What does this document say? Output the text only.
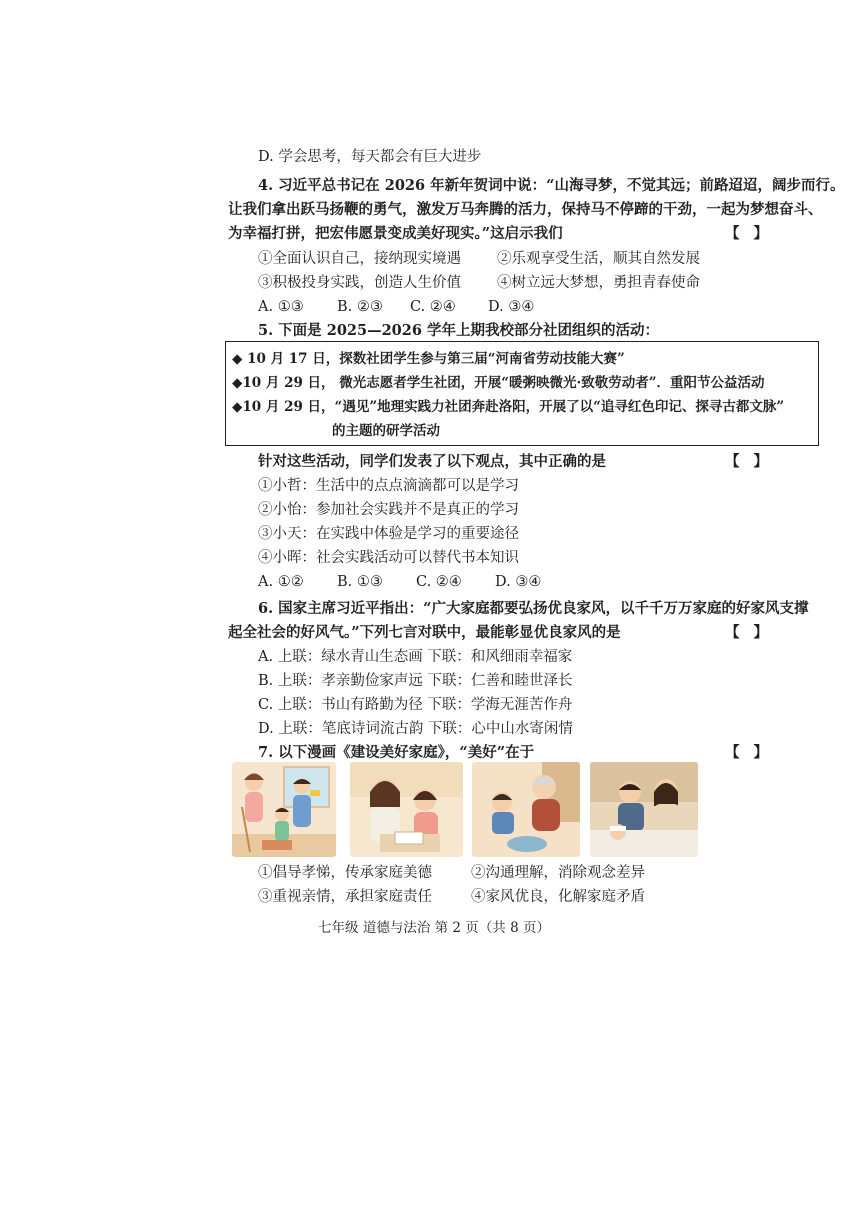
D. 学会思考，每天都会有巨大进步
4. 习近平总书记在 2026 年新年贺词中说：“山海寻梦，不觉其远；前路迢迢，阔步而行。
让我们拿出跃马扬鞭的勇气，激发万马奔腾的活力，保持马不停蹄的干劲，一起为梦想奋斗、
为幸福打拼，把宏伟愿景变成美好现实。”这启示我们	【】
①全面认识自己，接纳现实境遇 ②乐观享受生活，顺其自然发展
③积极投身实践，创造人生价值 ④树立远大梦想，勇担青春使命
A. ①③ B. ②③ C. ②④ D. ③④
5. 下面是 2025—2026 学年上期我校部分社团组织的活动：
◆ 10 月 17 日，探数社团学生参与第三届“河南省劳动技能大赛”
◆10 月 29 日， 微光志愿者学生社团，开展“暖粥映微光·致敬劳动者”．重阳节公益活动
◆10 月 29 日，“遇见”地理实践力社团奔赴洛阳，开展了以“追寻红色印记、探寻古都文脉”
的主题的研学活动
针对这些活动，同学们发表了以下观点，其中正确的是	【】
①小哲：生活中的点点滴滴都可以是学习
②小怡：参加社会实践并不是真正的学习
③小天：在实践中体验是学习的重要途径
④小晖：社会实践活动可以替代书本知识
A. ①② B. ①③ C. ②④ D. ③④
6. 国家主席习近平指出：“广大家庭都要弘扬优良家风，以千千万万家庭的好家风支撑
起全社会的好风气。”下列七言对联中，最能彰显优良家风的是	【】
A. 上联：绿水青山生态画 下联：和风细雨幸福家
B. 上联：孝亲勤俭家声远 下联：仁善和睦世泽长
C. 上联：书山有路勤为径 下联：学海无涯苦作舟
D. 上联：笔底诗词流古韵 下联：心中山水寄闲情
7. 以下漫画《建设美好家庭》，“美好”在于	【】
①倡导孝悌，传承家庭美德	②沟通理解，消除观念差异
③重视亲情，承担家庭责任	④家风优良，化解家庭矛盾
七年级 道德与法治 第 2 页（共 8 页）
